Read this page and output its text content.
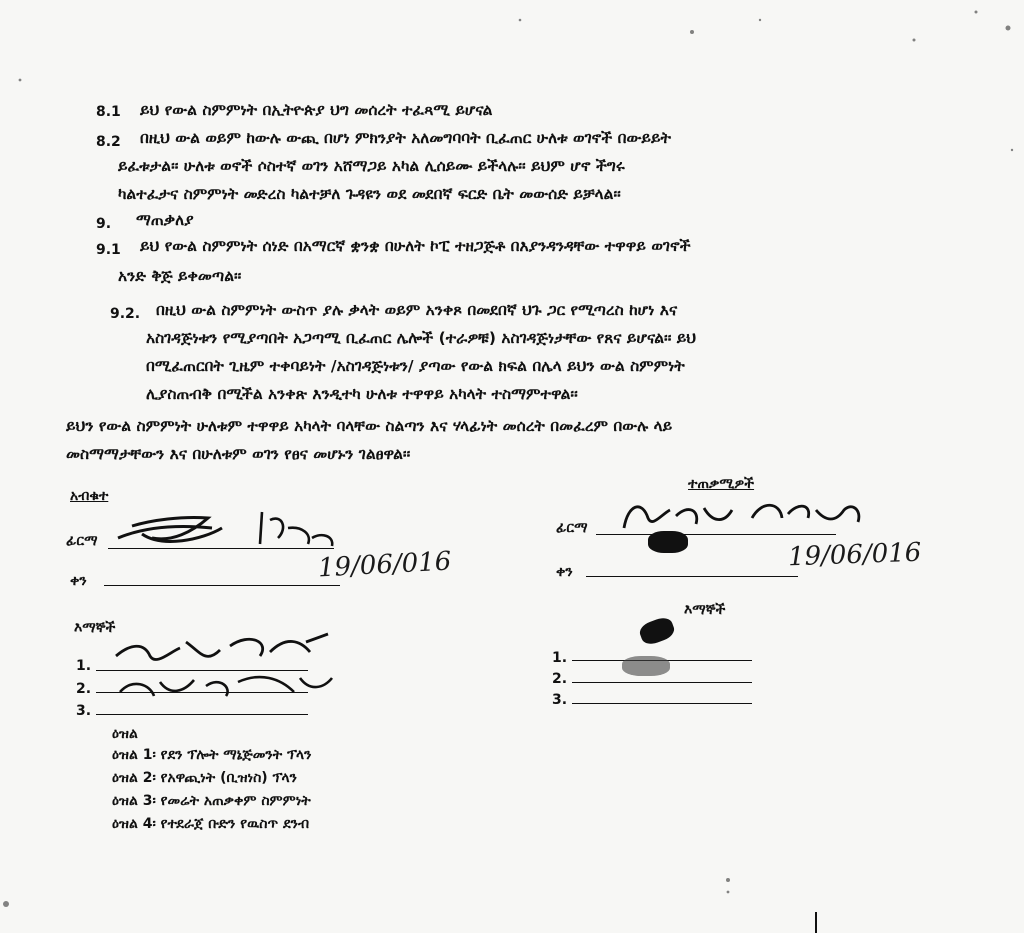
8.1 ይህ የውል ስምምነት በኢትዮጵያ ህግ መሰረት ተፈጻሚ ይሆናል
8.2 በዚህ ውል ወይም ከውሉ ውጪ በሆነ ምክንያት አለመግባባት ቢፈጠር ሁለቱ ወገኖች በውይይት
ይፈቱታል፡፡ ሁለቱ ወኖች ሶስተኛ ወገን አሸማጋይ አካል ሊሰይሙ ይችላሉ፡፡ ይህም ሆኖ ችግሩ
ካልተፈታና ስምምነት መድረስ ካልተቻለ ጉዳዩን ወደ መደበኛ ፍርድ ቤት መውሰድ ይቻላል፡፡
9. ማጠቃለያ
9.1 ይህ የውል ስምምነት ሰነድ በአማርኛ ቋንቋ በሁለት ኮፒ ተዘጋጅቶ በእያንዳንዳቸው ተዋዋይ ወገኖች
አንድ ቅጅ ይቀመጣል፡፡
9.2. በዚህ ውል ስምምነት ውስጥ ያሉ ቃላት ወይም አንቀጾ በመደበኛ ህጉ ጋር የሚጣረስ ከሆነ እና
አስገዳጅነቱን የሚያጣበት አጋጣሚ ቢፈጠር ሌሎች (ተራዎቹ) አስገዳጅነታቸው የጸና ይሆናል፡፡ ይህ
በሚፈጠርበት ጊዜም ተቀባይነት /አስገዳጅነቱን/ ያጣው የውል ክፍል በሌላ ይህን ውል ስምምነት
ሊያስጠብቅ በሚችል አንቀጽ እንዲተካ ሁለቱ ተዋዋይ አካላት ተስማምተዋል፡፡
ይህን የውል ስምምነት ሁለቱም ተዋዋይ አካላት ባላቸው ስልጣን እና ሃላፊነት መሰረት በመፈረም በውሉ ላይ
መስማማታቸውን እና በሁለቱም ወገን የፀና መሆኑን ገልፀዋል፡፡
አብቁተ
ፊርማ
ቀን	19/06/016
እማኞች
1.
2.
3.
ተጠቃሚዎች
ፊርማ
ቀን	19/06/016
እማኞች
1.
2.
3.
ዕዝል
ዕዝል 1፡ የደን ፕሎት ማኔጅመንት ፕላን
ዕዝል 2፡ የአዋጪነት (ቢዝነስ) ፕላን
ዕዝል 3፡ የመሬት አጠቃቀም ስምምነት
ዕዝል 4፡ የተደራጀ ቡድን የዉስጥ ደንብ
